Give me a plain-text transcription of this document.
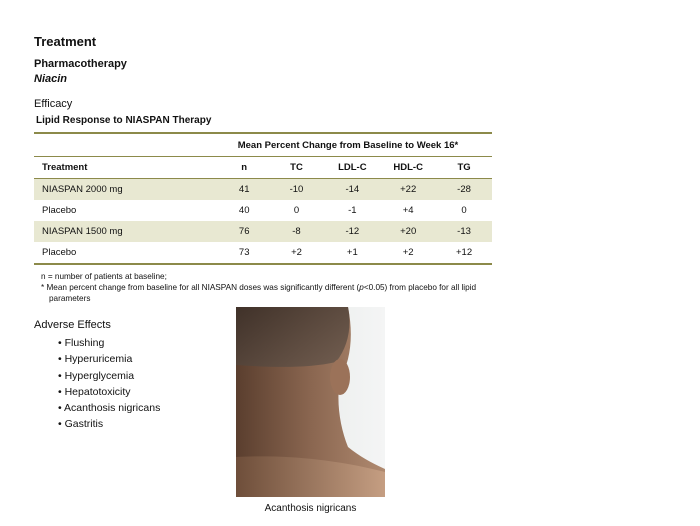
Treatment
Pharmacotherapy
Niacin
Efficacy
Lipid Response to NIASPAN Therapy
Mean Percent Change from Baseline to Week 16*
Treatment	n	TC	LDL-C	HDL-C	TG
NIASPAN 2000 mg	41	-10	-14	+22	-28
Placebo	40	0	-1	+4	0
NIASPAN 1500 mg	76	-8	-12	+20	-13
Placebo	73	+2	+1	+2	+12
n = number of patients at baseline;
* Mean percent change from baseline for all NIASPAN doses was significantly different (p<0.05) from placebo for all lipid parameters
Adverse Effects
• Flushing
• Hyperuricemia
• Hyperglycemia
• Hepatotoxicity
• Acanthosis nigricans
• Gastritis
Acanthosis nigricans
